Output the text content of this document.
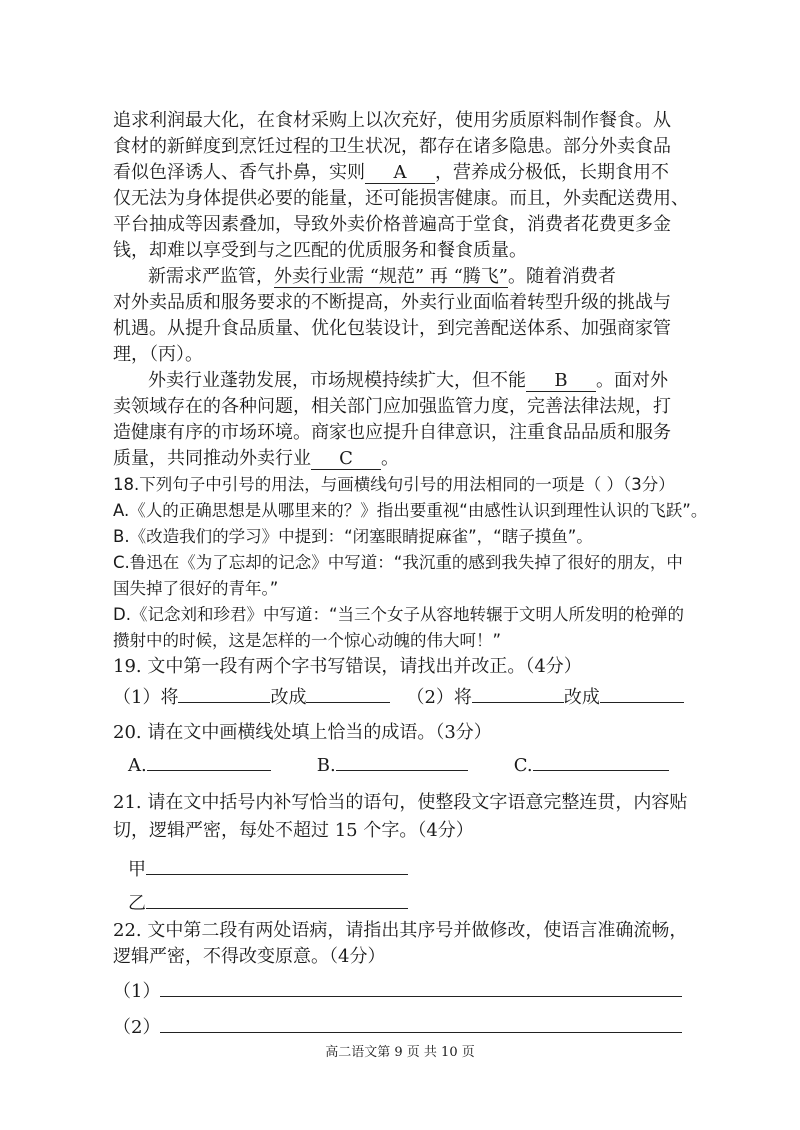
追求利润最大化，在食材采购上以次充好，使用劣质原料制作餐食。从
食材的新鲜度到烹饪过程的卫生状况，都存在诸多隐患。部分外卖食品
看似色泽诱人、香气扑鼻，实则 A ，营养成分极低，长期食用不
仅无法为身体提供必要的能量，还可能损害健康。而且，外卖配送费用、
平台抽成等因素叠加，导致外卖价格普遍高于堂食，消费者花费更多金
钱，却难以享受到与之匹配的优质服务和餐食质量。
新需求严监管，外卖行业需 “规范” 再 “腾飞”。随着消费者
对外卖品质和服务要求的不断提高，外卖行业面临着转型升级的挑战与
机遇。从提升食品质量、优化包装设计，到完善配送体系、加强商家管
理，（丙）。
外卖行业蓬勃发展，市场规模持续扩大，但不能 B 。面对外
卖领域存在的各种问题，相关部门应加强监管力度，完善法律法规，打
造健康有序的市场环境。商家也应提升自律意识，注重食品品质和服务
质量，共同推动外卖行业 C 。
18.下列句子中引号的用法，与画横线句引号的用法相同的一项是（ ）（3分）
A.《人的正确思想是从哪里来的？》指出要重视“由感性认识到理性认识的飞跃”。
B.《改造我们的学习》中提到：“闭塞眼睛捉麻雀”，“瞎子摸鱼”。
C.鲁迅在《为了忘却的记念》中写道：“我沉重的感到我失掉了很好的朋友，中
国失掉了很好的青年。”
D.《记念刘和珍君》中写道：“当三个女子从容地转辗于文明人所发明的枪弹的
攒射中的时候，这是怎样的一个惊心动魄的伟大呵！”
19. 文中第一段有两个字书写错误，请找出并改正。（4分）
（1）将	改成	（2）将	改成
20. 请在文中画横线处填上恰当的成语。（3分）
A.	B.	C.
21. 请在文中括号内补写恰当的语句，使整段文字语意完整连贯，内容贴
切，逻辑严密，每处不超过 15 个字。（4分）
甲
乙
22. 文中第二段有两处语病，请指出其序号并做修改，使语言准确流畅，
逻辑严密，不得改变原意。（4分）
（1）
（2）
高二语文第 9 页 共 10 页
